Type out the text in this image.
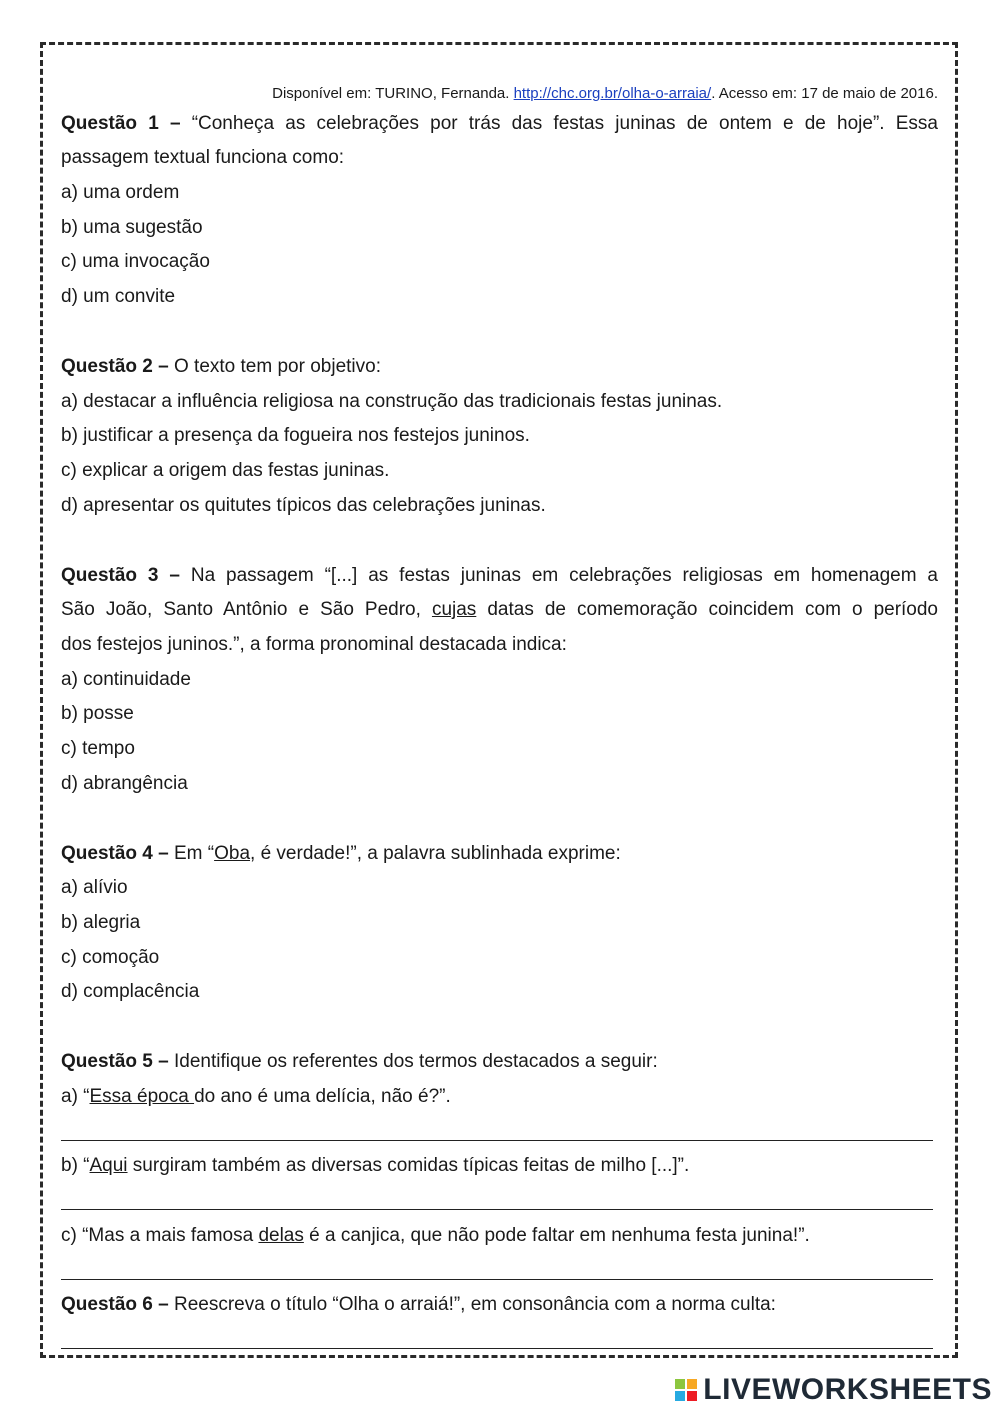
Disponível em: TURINO, Fernanda. http://chc.org.br/olha-o-arraia/. Acesso em: 17 de maio de 2016.
Questão 1 – “Conheça as celebrações por trás das festas juninas de ontem e de hoje”. Essa
passagem textual funciona como:
a) uma ordem
b) uma sugestão
c) uma invocação
d) um convite
Questão 2 – O texto tem por objetivo:
a) destacar a influência religiosa na construção das tradicionais festas juninas.
b) justificar a presença da fogueira nos festejos juninos.
c) explicar a origem das festas juninas.
d) apresentar os quitutes típicos das celebrações juninas.
Questão 3 – Na passagem “[...] as festas juninas em celebrações religiosas em homenagem a
São João, Santo Antônio e São Pedro, cujas datas de comemoração coincidem com o período
dos festejos juninos.”, a forma pronominal destacada indica:
a) continuidade
b) posse
c) tempo
d) abrangência
Questão 4 – Em “Oba, é verdade!”, a palavra sublinhada exprime:
a) alívio
b) alegria
c) comoção
d) complacência
Questão 5 – Identifique os referentes dos termos destacados a seguir:
a) “Essa época do ano é uma delícia, não é?”.
b) “Aqui surgiram também as diversas comidas típicas feitas de milho [...]”.
c) “Mas a mais famosa delas é a canjica, que não pode faltar em nenhuma festa junina!”.
Questão 6 – Reescreva o título “Olha o arraiá!”, em consonância com a norma culta:
LIVEWORKSHEETS
